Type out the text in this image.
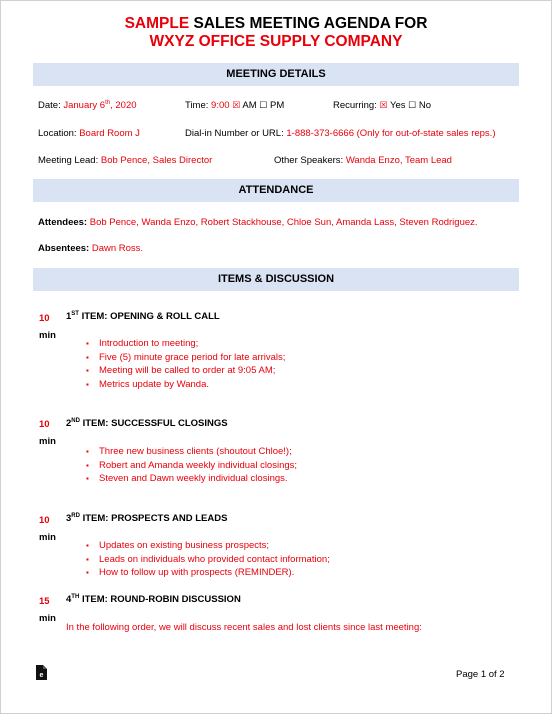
SAMPLE SALES MEETING AGENDA FOR
WXYZ OFFICE SUPPLY COMPANY
MEETING DETAILS
Date: January 6th, 2020	Time: 9:00 ☒ AM ☐ PM	Recurring: ☒ Yes ☐ No
Location: Board Room J	Dial-in Number or URL: 1-888-373-6666 (Only for out-of-state sales reps.)
Meeting Lead: Bob Pence, Sales Director	Other Speakers: Wanda Enzo, Team Lead
ATTENDANCE
Attendees: Bob Pence, Wanda Enzo, Robert Stackhouse, Chloe Sun, Amanda Lass, Steven Rodriguez.
Absentees: Dawn Ross.
ITEMS & DISCUSSION
10
min
1ST ITEM: OPENING & ROLL CALL
▪ Introduction to meeting;
▪ Five (5) minute grace period for late arrivals;
▪ Meeting will be called to order at 9:05 AM;
▪ Metrics update by Wanda.
10
min
2ND ITEM: SUCCESSFUL CLOSINGS
▪ Three new business clients (shoutout Chloe!);
▪ Robert and Amanda weekly individual closings;
▪ Steven and Dawn weekly individual closings.
10
min
3RD ITEM: PROSPECTS AND LEADS
▪ Updates on existing business prospects;
▪ Leads on individuals who provided contact information;
▪ How to follow up with prospects (REMINDER).
15
min
4TH ITEM: ROUND-ROBIN DISCUSSION
In the following order, we will discuss recent sales and lost clients since last meeting:
e	Page 1 of 2
